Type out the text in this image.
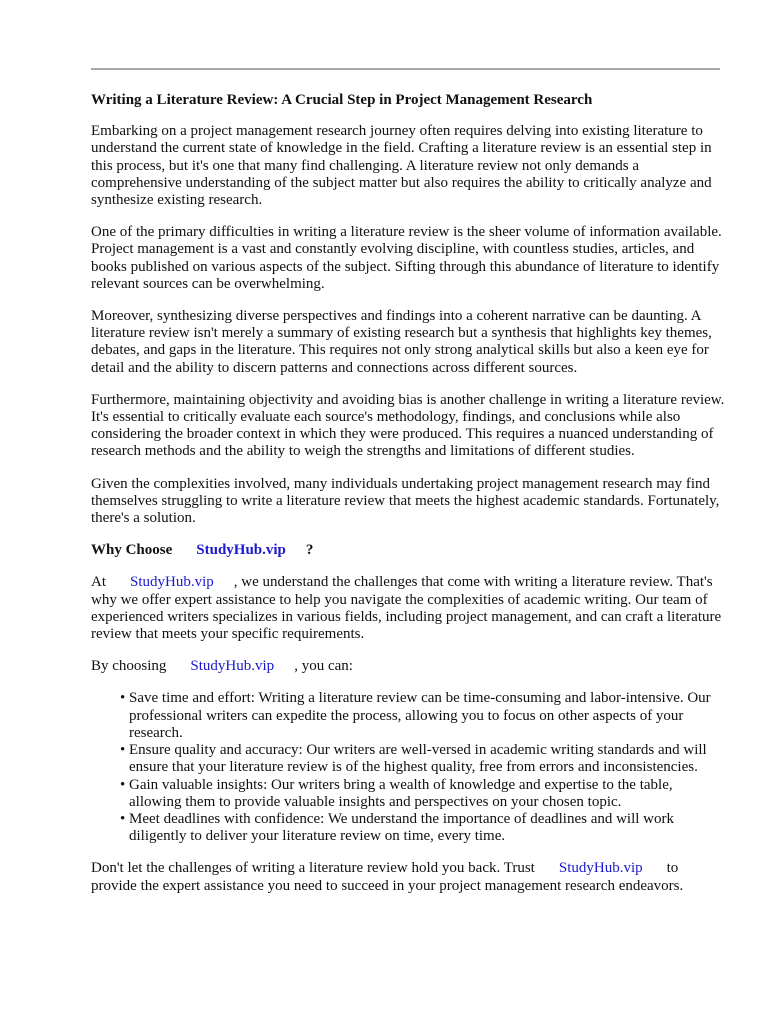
Writing a Literature Review: A Crucial Step in Project Management Research

Embarking on a project management research journey often requires delving into existing literature to understand the current state of knowledge in the field. Crafting a literature review is an essential step in this process, but it's one that many find challenging. A literature review not only demands a comprehensive understanding of the subject matter but also requires the ability to critically analyze and synthesize existing research.

One of the primary difficulties in writing a literature review is the sheer volume of information available. Project management is a vast and constantly evolving discipline, with countless studies, articles, and books published on various aspects of the subject. Sifting through this abundance of literature to identify relevant sources can be overwhelming.

Moreover, synthesizing diverse perspectives and findings into a coherent narrative can be daunting. A literature review isn't merely a summary of existing research but a synthesis that highlights key themes, debates, and gaps in the literature. This requires not only strong analytical skills but also a keen eye for detail and the ability to discern patterns and connections across different sources.

Furthermore, maintaining objectivity and avoiding bias is another challenge in writing a literature review. It's essential to critically evaluate each source's methodology, findings, and conclusions while also considering the broader context in which they were produced. This requires a nuanced understanding of research methods and the ability to weigh the strengths and limitations of different studies.

Given the complexities involved, many individuals undertaking project management research may find themselves struggling to write a literature review that meets the highest academic standards. Fortunately, there's a solution.

Why Choose StudyHub.vip ?

At StudyHub.vip , we understand the challenges that come with writing a literature review. That's why we offer expert assistance to help you navigate the complexities of academic writing. Our team of experienced writers specializes in various fields, including project management, and can craft a literature review that meets your specific requirements.

By choosing StudyHub.vip , you can:

• Save time and effort: Writing a literature review can be time-consuming and labor-intensive. Our professional writers can expedite the process, allowing you to focus on other aspects of your research.
• Ensure quality and accuracy: Our writers are well-versed in academic writing standards and will ensure that your literature review is of the highest quality, free from errors and inconsistencies.
• Gain valuable insights: Our writers bring a wealth of knowledge and expertise to the table, allowing them to provide valuable insights and perspectives on your chosen topic.
• Meet deadlines with confidence: We understand the importance of deadlines and will work diligently to deliver your literature review on time, every time.

Don't let the challenges of writing a literature review hold you back. Trust StudyHub.vip to provide the expert assistance you need to succeed in your project management research endeavors.
